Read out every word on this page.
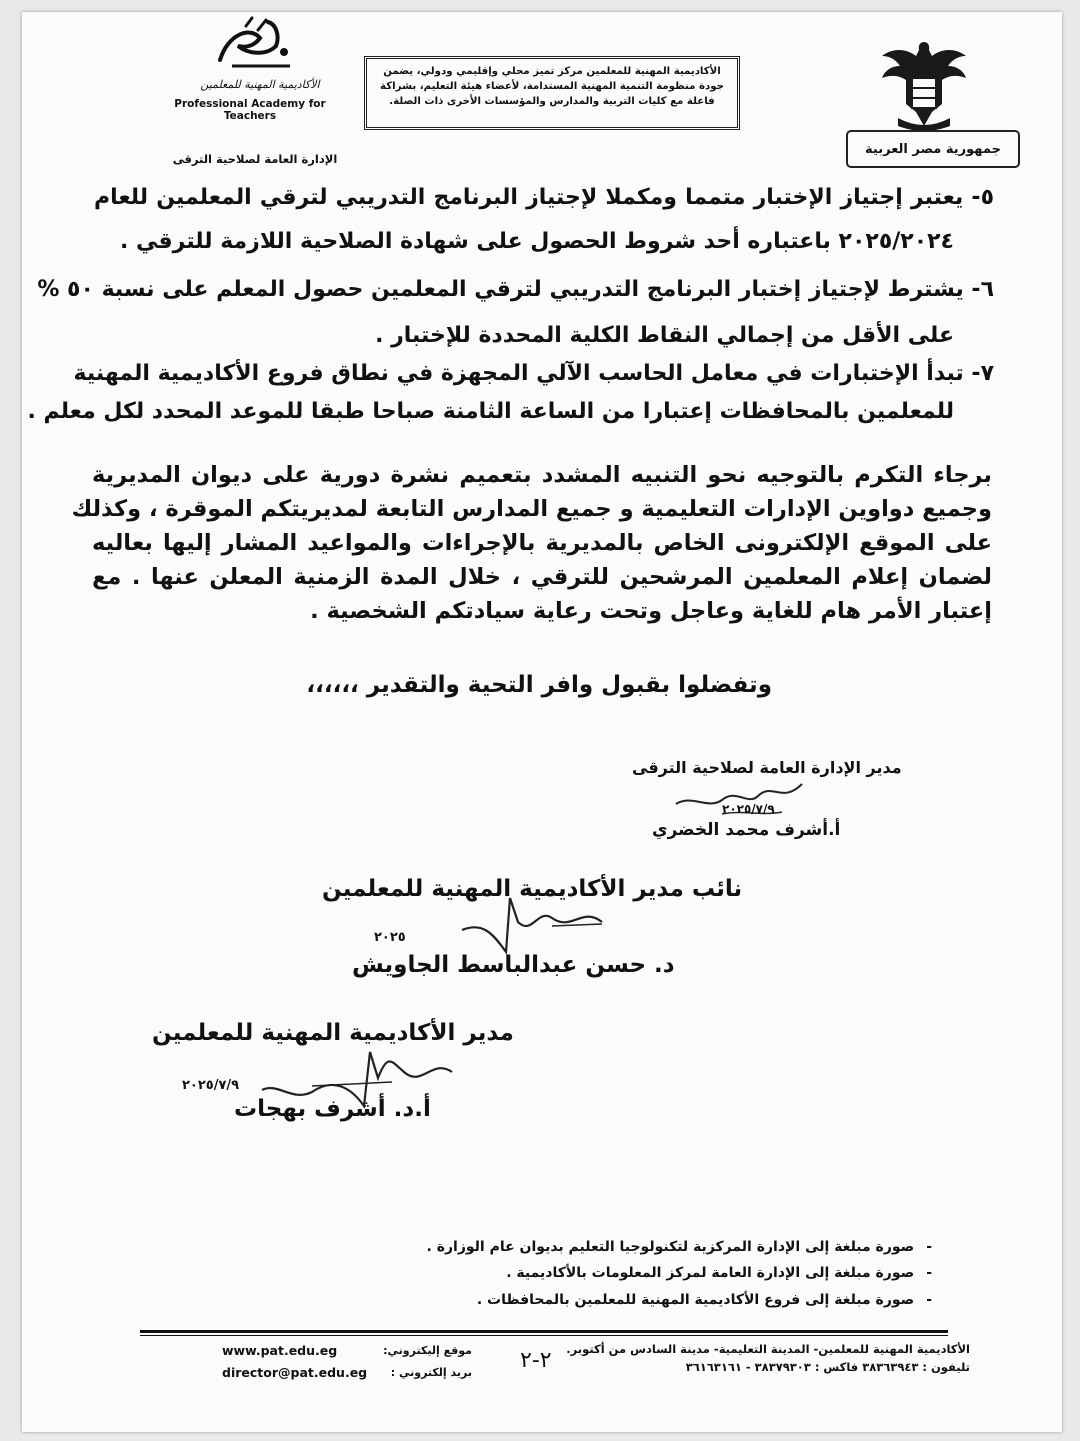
جمهورية مصر العربية
الأكاديمية المهنية للمعلمين مركز تميز محلي وإقليمي ودولي، يضمن جودة منظومة التنمية المهنية المستدامة، لأعضاء هيئة التعليم، بشراكة فاعلة مع كليات التربية والمدارس والمؤسسات الأخرى ذات الصلة.
الأكاديمية المهنية للمعلمين
Professional Academy for Teachers
الإدارة العامة لصلاحية الترقى
٥- يعتبر إجتياز الإختبار متمما ومكملا لإجتياز البرنامج التدريبي لترقي المعلمين للعام
٢٠٢٥/٢٠٢٤ باعتباره أحد شروط الحصول على شهادة الصلاحية اللازمة للترقي .
٦- يشترط لإجتياز إختبار البرنامج التدريبي لترقي المعلمين حصول المعلم على نسبة ٥٠ %
على الأقل من إجمالي النقاط الكلية المحددة للإختبار .
٧- تبدأ الإختبارات في معامل الحاسب الآلي المجهزة في نطاق فروع الأكاديمية المهنية
للمعلمين بالمحافظات إعتبارا من الساعة الثامنة صباحا طبقا للموعد المحدد لكل معلم .
برجاء التكرم بالتوجيه نحو التنبيه المشدد بتعميم نشرة دورية على ديوان المديرية
وجميع دواوين الإدارات التعليمية و جميع المدارس التابعة لمديريتكم الموقرة ، وكذلك
على الموقع الإلكترونى الخاص بالمديرية بالإجراءات والمواعيد المشار إليها بعاليه
لضمان إعلام المعلمين المرشحين للترقي ، خلال المدة الزمنية المعلن عنها . مع
إعتبار الأمر هام للغاية وعاجل وتحت رعاية سيادتكم الشخصية .
وتفضلوا بقبول وافر التحية والتقدير ،،،،،،
مدير الإدارة العامة لصلاحية الترقى
٢٠٢٥/٧/٩
أ.أشرف محمد الخضري
نائب مدير الأكاديمية المهنية للمعلمين
٢٠٢٥
د. حسن عبدالباسط الجاويش
مدير الأكاديمية المهنية للمعلمين
٢٠٢٥/٧/٩
أ.د. أشرف بهجات
-صورة مبلغة إلى الإدارة المركزية لتكنولوجيا التعليم بديوان عام الوزارة .
الأكاديمية المهنية للمعلمين- المدينة التعليمية- مدينة السادس من أكتوبر.
تليفون : ٣٨٣٦٣٩٤٣ فاكس : ٣٨٣٧٩٣٠٣ - ٣٦١٦٣١٦١
٢-٢
www.pat.edu.eg	موقع إليكتروني:
director@pat.edu.eg بريد إلكتروني :
-صورة مبلغة إلى الإدارة العامة لمركز المعلومات بالأكاديمية .
-صورة مبلغة إلى فروع الأكاديمية المهنية للمعلمين بالمحافظات .
